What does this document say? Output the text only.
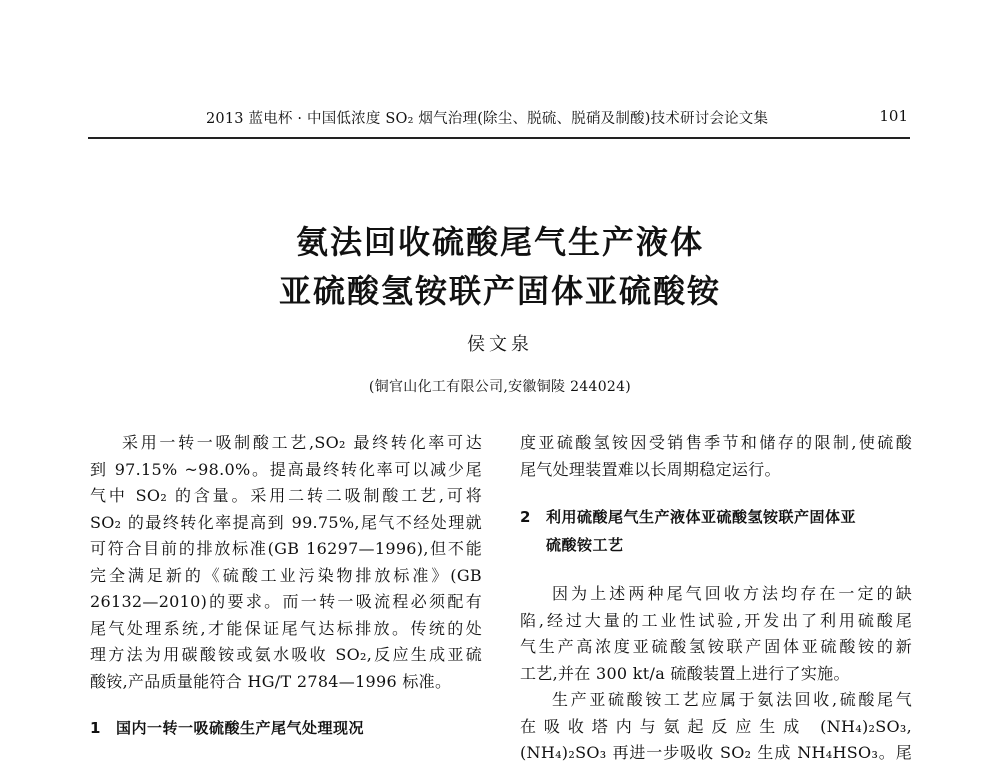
2013 蓝电杯 · 中国低浓度 SO₂ 烟气治理(除尘、脱硫、脱硝及制酸)技术研讨会论文集	101
氨法回收硫酸尾气生产液体
亚硫酸氢铵联产固体亚硫酸铵
侯文泉
(铜官山化工有限公司,安徽铜陵 244024)
采用一转一吸制酸工艺,SO₂ 最终转化率可达
到 97.15% ~98.0%。提高最终转化率可以减少尾
气中 SO₂ 的含量。采用二转二吸制酸工艺,可将
SO₂ 的最终转化率提高到 99.75%,尾气不经处理就
可符合目前的排放标准(GB 16297—1996),但不能
完全满足新的《硫酸工业污染物排放标准》(GB
26132—2010)的要求。而一转一吸流程必须配有
尾气处理系统,才能保证尾气达标排放。传统的处
理方法为用碳酸铵或氨水吸收 SO₂,反应生成亚硫
酸铵,产品质量能符合 HG/T 2784—1996 标准。
1 国内一转一吸硫酸生产尾气处理现况
度亚硫酸氢铵因受销售季节和储存的限制,使硫酸
尾气处理装置难以长周期稳定运行。
2 利用硫酸尾气生产液体亚硫酸氢铵联产固体亚
硫酸铵工艺
因为上述两种尾气回收方法均存在一定的缺
陷,经过大量的工业性试验,开发出了利用硫酸尾
气生产高浓度亚硫酸氢铵联产固体亚硫酸铵的新
工艺,并在 300 kt/a 硫酸装置上进行了实施。
生产亚硫酸铵工艺应属于氨法回收,硫酸尾气
在吸收塔内与氨起反应生成 (NH₄)₂SO₃,
(NH₄)₂SO₃ 再进一步吸收 SO₂ 生成 NH₄HSO₃。尾
